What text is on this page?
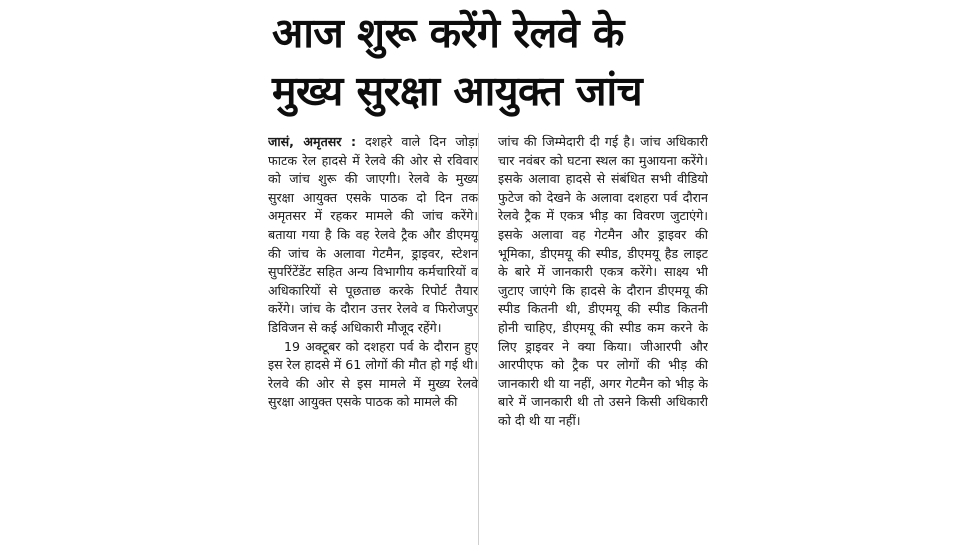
आज शुरू करेंगे रेलवे के
मुख्य सुरक्षा आयुक्त जांच

जासं, अमृतसर : दशहरे वाले दिन जोड़ा फाटक रेल हादसे में रेलवे की ओर से रविवार को जांच शुरू की जाएगी। रेलवे के मुख्य सुरक्षा आयुक्त एसके पाठक दो दिन तक अमृतसर में रहकर मामले की जांच करेंगे। बताया गया है कि वह रेलवे ट्रैक और डीएमयू की जांच के अलावा गेटमैन, ड्राइवर, स्टेशन सुपरिंटेंडेंट सहित अन्य विभागीय कर्मचारियों व अधिकारियों से पूछताछ करके रिपोर्ट तैयार करेंगे। जांच के दौरान उत्तर रेलवे व फिरोजपुर डिविजन से कई अधिकारी मौजूद रहेंगे।

19 अक्टूबर को दशहरा पर्व के दौरान हुए इस रेल हादसे में 61 लोगों की मौत हो गई थी। रेलवे की ओर से इस मामले में मुख्य रेलवे सुरक्षा आयुक्त एसके पाठक को मामले की

जांच की जिम्मेदारी दी गई है। जांच अधिकारी चार नवंबर को घटना स्थल का मुआयना करेंगे। इसके अलावा हादसे से संबंधित सभी वीडियो फुटेज को देखने के अलावा दशहरा पर्व दौरान रेलवे ट्रैक में एकत्र भीड़ का विवरण जुटाएंगे। इसके अलावा वह गेटमैन और ड्राइवर की भूमिका, डीएमयू की स्पीड, डीएमयू हैड लाइट के बारे में जानकारी एकत्र करेंगे। साक्ष्य भी जुटाए जाएंगे कि हादसे के दौरान डीएमयू की स्पीड कितनी थी, डीएमयू की स्पीड कितनी होनी चाहिए, डीएमयू की स्पीड कम करने के लिए ड्राइवर ने क्या किया। जीआरपी और आरपीएफ को ट्रैक पर लोगों की भीड़ की जानकारी थी या नहीं, अगर गेटमैन को भीड़ के बारे में जानकारी थी तो उसने किसी अधिकारी को दी थी या नहीं।
